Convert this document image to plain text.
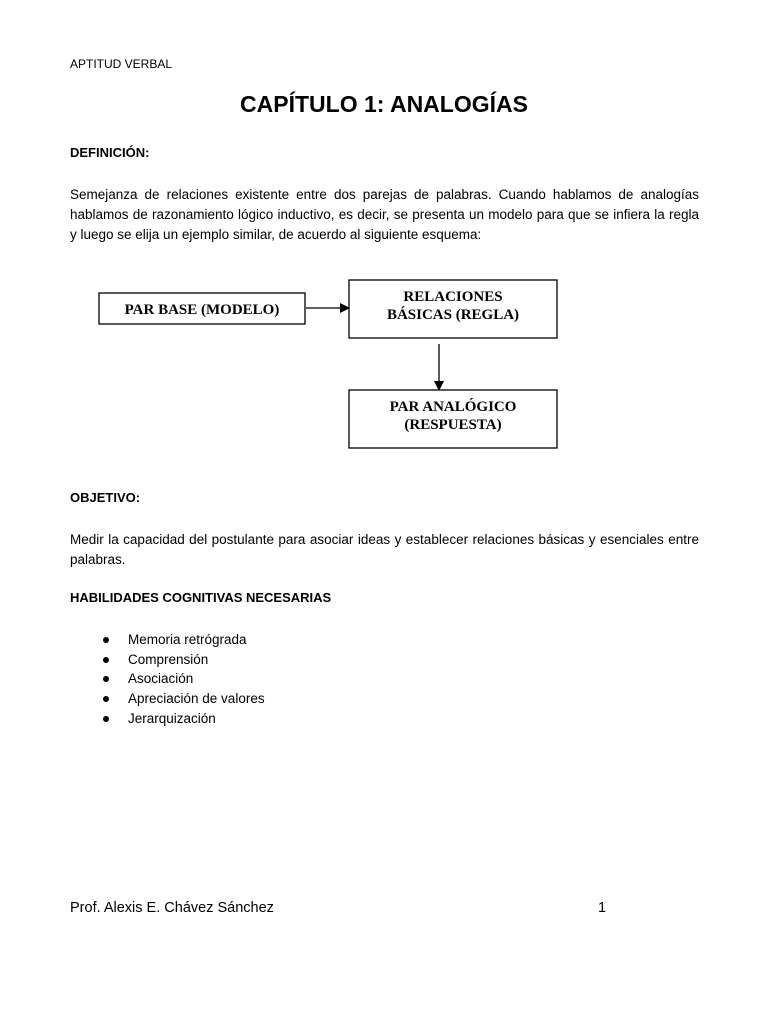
APTITUD VERBAL
CAPÍTULO 1: ANALOGÍAS
DEFINICIÓN:
Semejanza de relaciones existente entre dos parejas de palabras. Cuando hablamos de analogías hablamos de razonamiento lógico inductivo, es decir, se presenta un modelo para que se infiera la regla y luego se elija un ejemplo similar, de acuerdo al siguiente esquema:
PAR BASE (MODELO)
RELACIONES
BÁSICAS (REGLA)
PAR ANALÓGICO
(RESPUESTA)
OBJETIVO:
Medir la capacidad del postulante para asociar ideas y establecer relaciones básicas y esenciales entre palabras.
HABILIDADES COGNITIVAS NECESARIAS
Memoria retrógrada
Comprensión
Asociación
Apreciación de valores
Jerarquización
Prof. Alexis E. Chávez Sánchez	1
